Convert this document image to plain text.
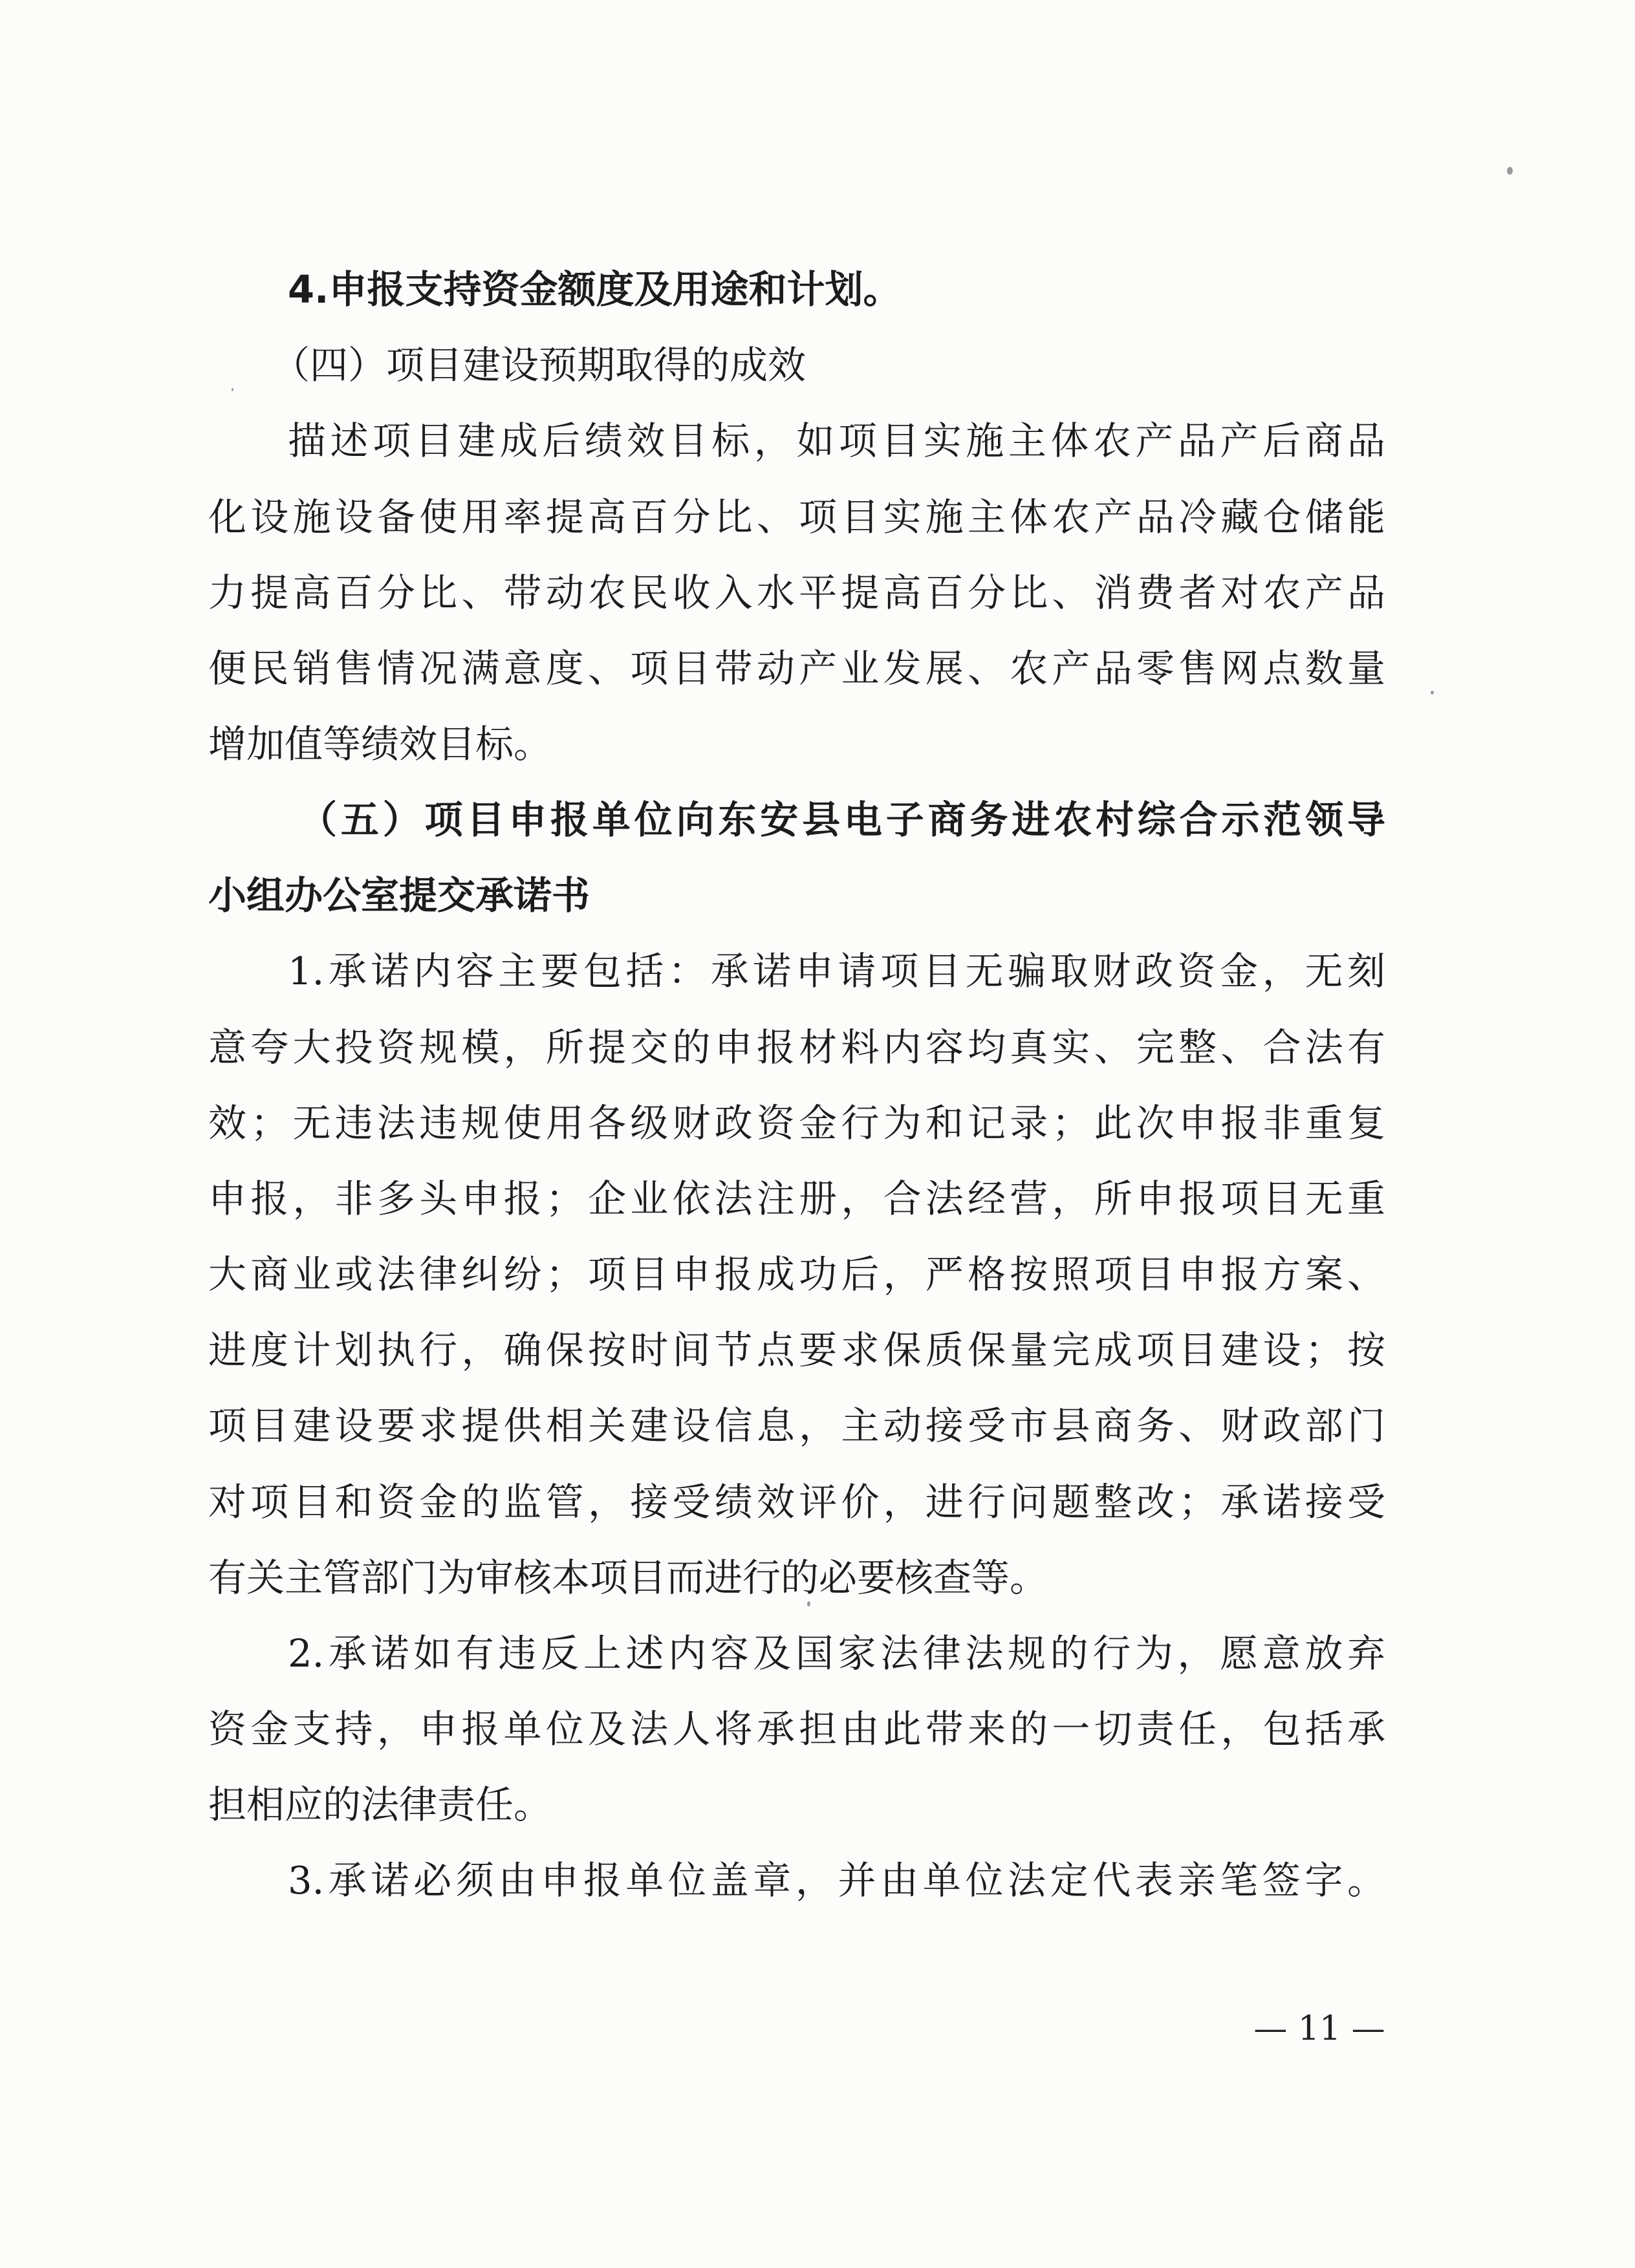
4.申报支持资金额度及用途和计划。
（四）项目建设预期取得的成效
描述项目建成后绩效目标，如项目实施主体农产品产后商品
化设施设备使用率提高百分比、项目实施主体农产品冷藏仓储能
力提高百分比、带动农民收入水平提高百分比、消费者对农产品
便民销售情况满意度、项目带动产业发展、农产品零售网点数量
增加值等绩效目标。
（五）项目申报单位向东安县电子商务进农村综合示范领导
小组办公室提交承诺书
1.承诺内容主要包括：承诺申请项目无骗取财政资金，无刻
意夸大投资规模，所提交的申报材料内容均真实、完整、合法有
效；无违法违规使用各级财政资金行为和记录；此次申报非重复
申报，非多头申报；企业依法注册，合法经营，所申报项目无重
大商业或法律纠纷；项目申报成功后，严格按照项目申报方案、
进度计划执行，确保按时间节点要求保质保量完成项目建设；按
项目建设要求提供相关建设信息，主动接受市县商务、财政部门
对项目和资金的监管，接受绩效评价，进行问题整改；承诺接受
有关主管部门为审核本项目而进行的必要核查等。
2.承诺如有违反上述内容及国家法律法规的行为，愿意放弃
资金支持，申报单位及法人将承担由此带来的一切责任，包括承
担相应的法律责任。
3.承诺必须由申报单位盖章，并由单位法定代表亲笔签字。
— 11 —
